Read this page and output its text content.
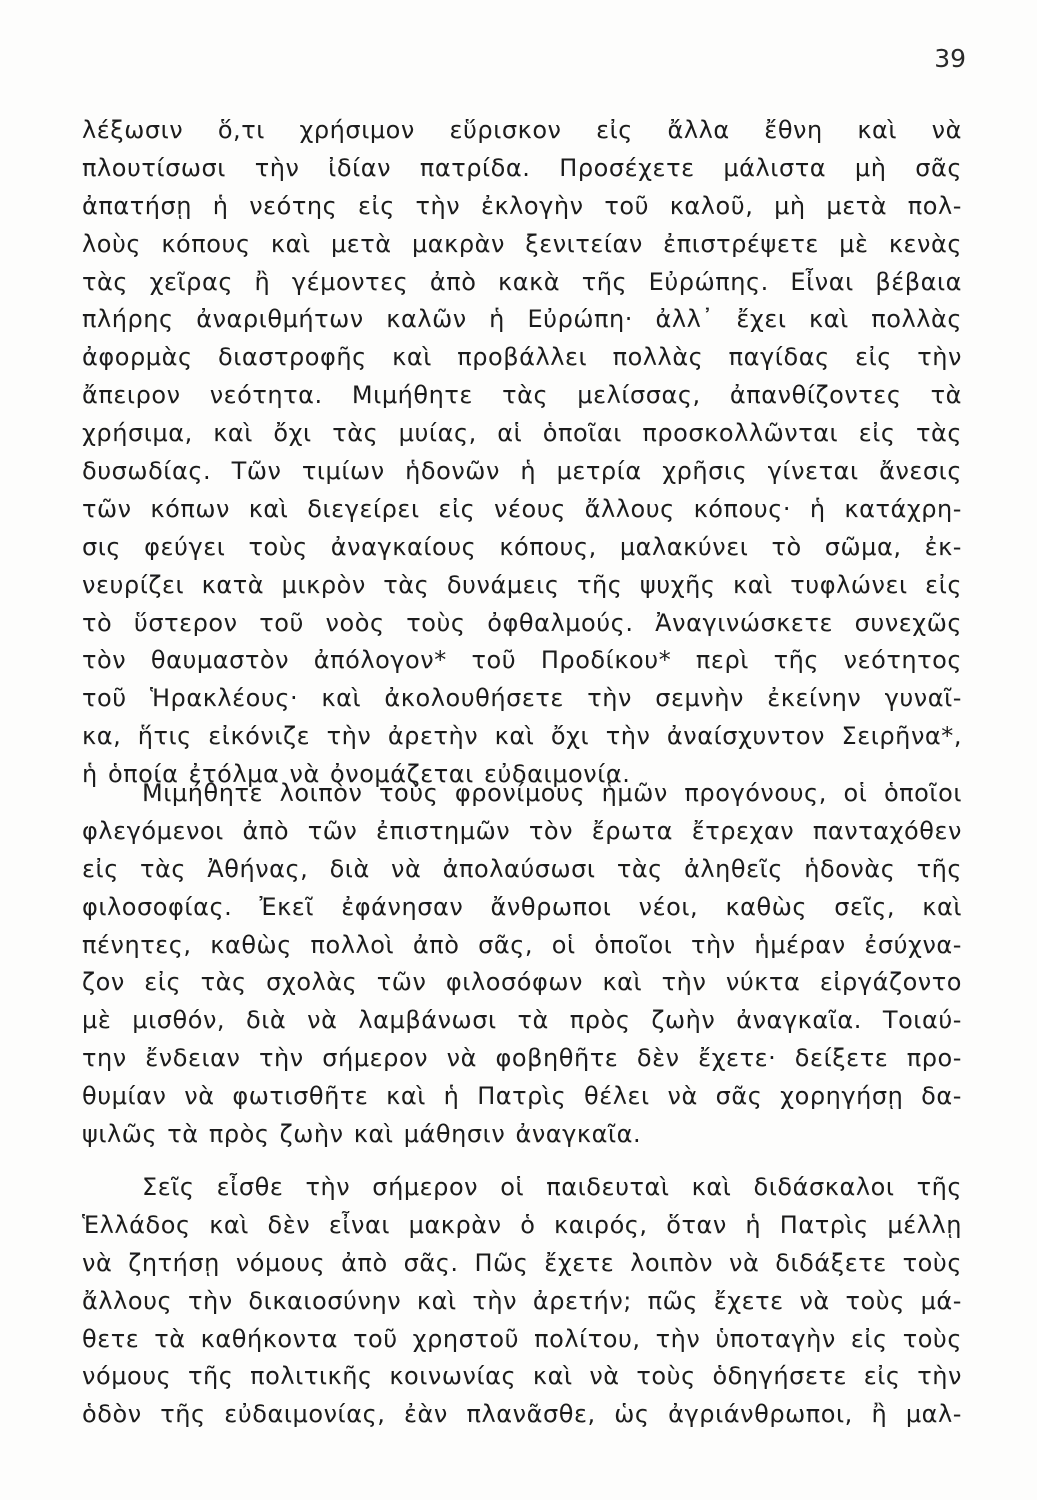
39
λέξωσιν ὅ,τι χρήσιμον εὕρισκον εἰς ἄλλα ἔθνη καὶ νὰ
πλουτίσωσι τὴν ἰδίαν πατρίδα. Προσέχετε μάλιστα μὴ σᾶς
ἀπατήσῃ ἡ νεότης εἰς τὴν ἐκλογὴν τοῦ καλοῦ, μὴ μετὰ πολ-
λοὺς κόπους καὶ μετὰ μακρὰν ξενιτείαν ἐπιστρέψετε μὲ κενὰς
τὰς χεῖρας ἢ γέμοντες ἀπὸ κακὰ τῆς Εὐρώπης. Εἶναι βέβαια
πλήρης ἀναριθμήτων καλῶν ἡ Εὐρώπη· ἀλλ᾽ ἔχει καὶ πολλὰς
ἀφορμὰς διαστροφῆς καὶ προβάλλει πολλὰς παγίδας εἰς τὴν
ἄπειρον νεότητα. Μιμήθητε τὰς μελίσσας, ἀπανθίζοντες τὰ
χρήσιμα, καὶ ὄχι τὰς μυίας, αἱ ὁποῖαι προσκολλῶνται εἰς τὰς
δυσωδίας. Τῶν τιμίων ἡδονῶν ἡ μετρία χρῆσις γίνεται ἄνεσις
τῶν κόπων καὶ διεγείρει εἰς νέους ἄλλους κόπους· ἡ κατάχρη-
σις φεύγει τοὺς ἀναγκαίους κόπους, μαλακύνει τὸ σῶμα, ἐκ-
νευρίζει κατὰ μικρὸν τὰς δυνάμεις τῆς ψυχῆς καὶ τυφλώνει εἰς
τὸ ὕστερον τοῦ νοὸς τοὺς ὀφθαλμούς. Ἀναγινώσκετε συνεχῶς
τὸν θαυμαστὸν ἀπόλογον* τοῦ Προδίκου* περὶ τῆς νεότητος
τοῦ Ἡρακλέους· καὶ ἀκολουθήσετε τὴν σεμνὴν ἐκείνην γυναῖ-
κα, ἥτις εἰκόνιζε τὴν ἀρετὴν καὶ ὄχι τὴν ἀναίσχυντον Σειρῆνα*,
ἡ ὁποία ἐτόλμα νὰ ὀνομάζεται εὐδαιμονία.
Μιμήθητε λοιπὸν τοὺς φρονίμους ἡμῶν προγόνους, οἱ ὁποῖοι
φλεγόμενοι ἀπὸ τῶν ἐπιστημῶν τὸν ἔρωτα ἔτρεχαν πανταχόθεν
εἰς τὰς Ἀθήνας, διὰ νὰ ἀπολαύσωσι τὰς ἀληθεῖς ἡδονὰς τῆς
φιλοσοφίας. Ἐκεῖ ἐφάνησαν ἄνθρωποι νέοι, καθὼς σεῖς, καὶ
πένητες, καθὼς πολλοὶ ἀπὸ σᾶς, οἱ ὁποῖοι τὴν ἡμέραν ἐσύχνα-
ζον εἰς τὰς σχολὰς τῶν φιλοσόφων καὶ τὴν νύκτα εἰργάζοντο
μὲ μισθόν, διὰ νὰ λαμβάνωσι τὰ πρὸς ζωὴν ἀναγκαῖα. Τοιαύ-
την ἔνδειαν τὴν σήμερον νὰ φοβηθῆτε δὲν ἔχετε· δείξετε προ-
θυμίαν νὰ φωτισθῆτε καὶ ἡ Πατρὶς θέλει νὰ σᾶς χορηγήσῃ δα-
ψιλῶς τὰ πρὸς ζωὴν καὶ μάθησιν ἀναγκαῖα.
Σεῖς εἶσθε τὴν σήμερον οἱ παιδευταὶ καὶ διδάσκαλοι τῆς
Ἑλλάδος καὶ δὲν εἶναι μακρὰν ὁ καιρός, ὅταν ἡ Πατρὶς μέλλῃ
νὰ ζητήσῃ νόμους ἀπὸ σᾶς. Πῶς ἔχετε λοιπὸν νὰ διδάξετε τοὺς
ἄλλους τὴν δικαιοσύνην καὶ τὴν ἀρετήν; πῶς ἔχετε νὰ τοὺς μά-
θετε τὰ καθήκοντα τοῦ χρηστοῦ πολίτου, τὴν ὑποταγὴν εἰς τοὺς
νόμους τῆς πολιτικῆς κοινωνίας καὶ νὰ τοὺς ὁδηγήσετε εἰς τὴν
ὁδὸν τῆς εὐδαιμονίας, ἐὰν πλανᾶσθε, ὡς ἀγριάνθρωποι, ἢ μαλ-
